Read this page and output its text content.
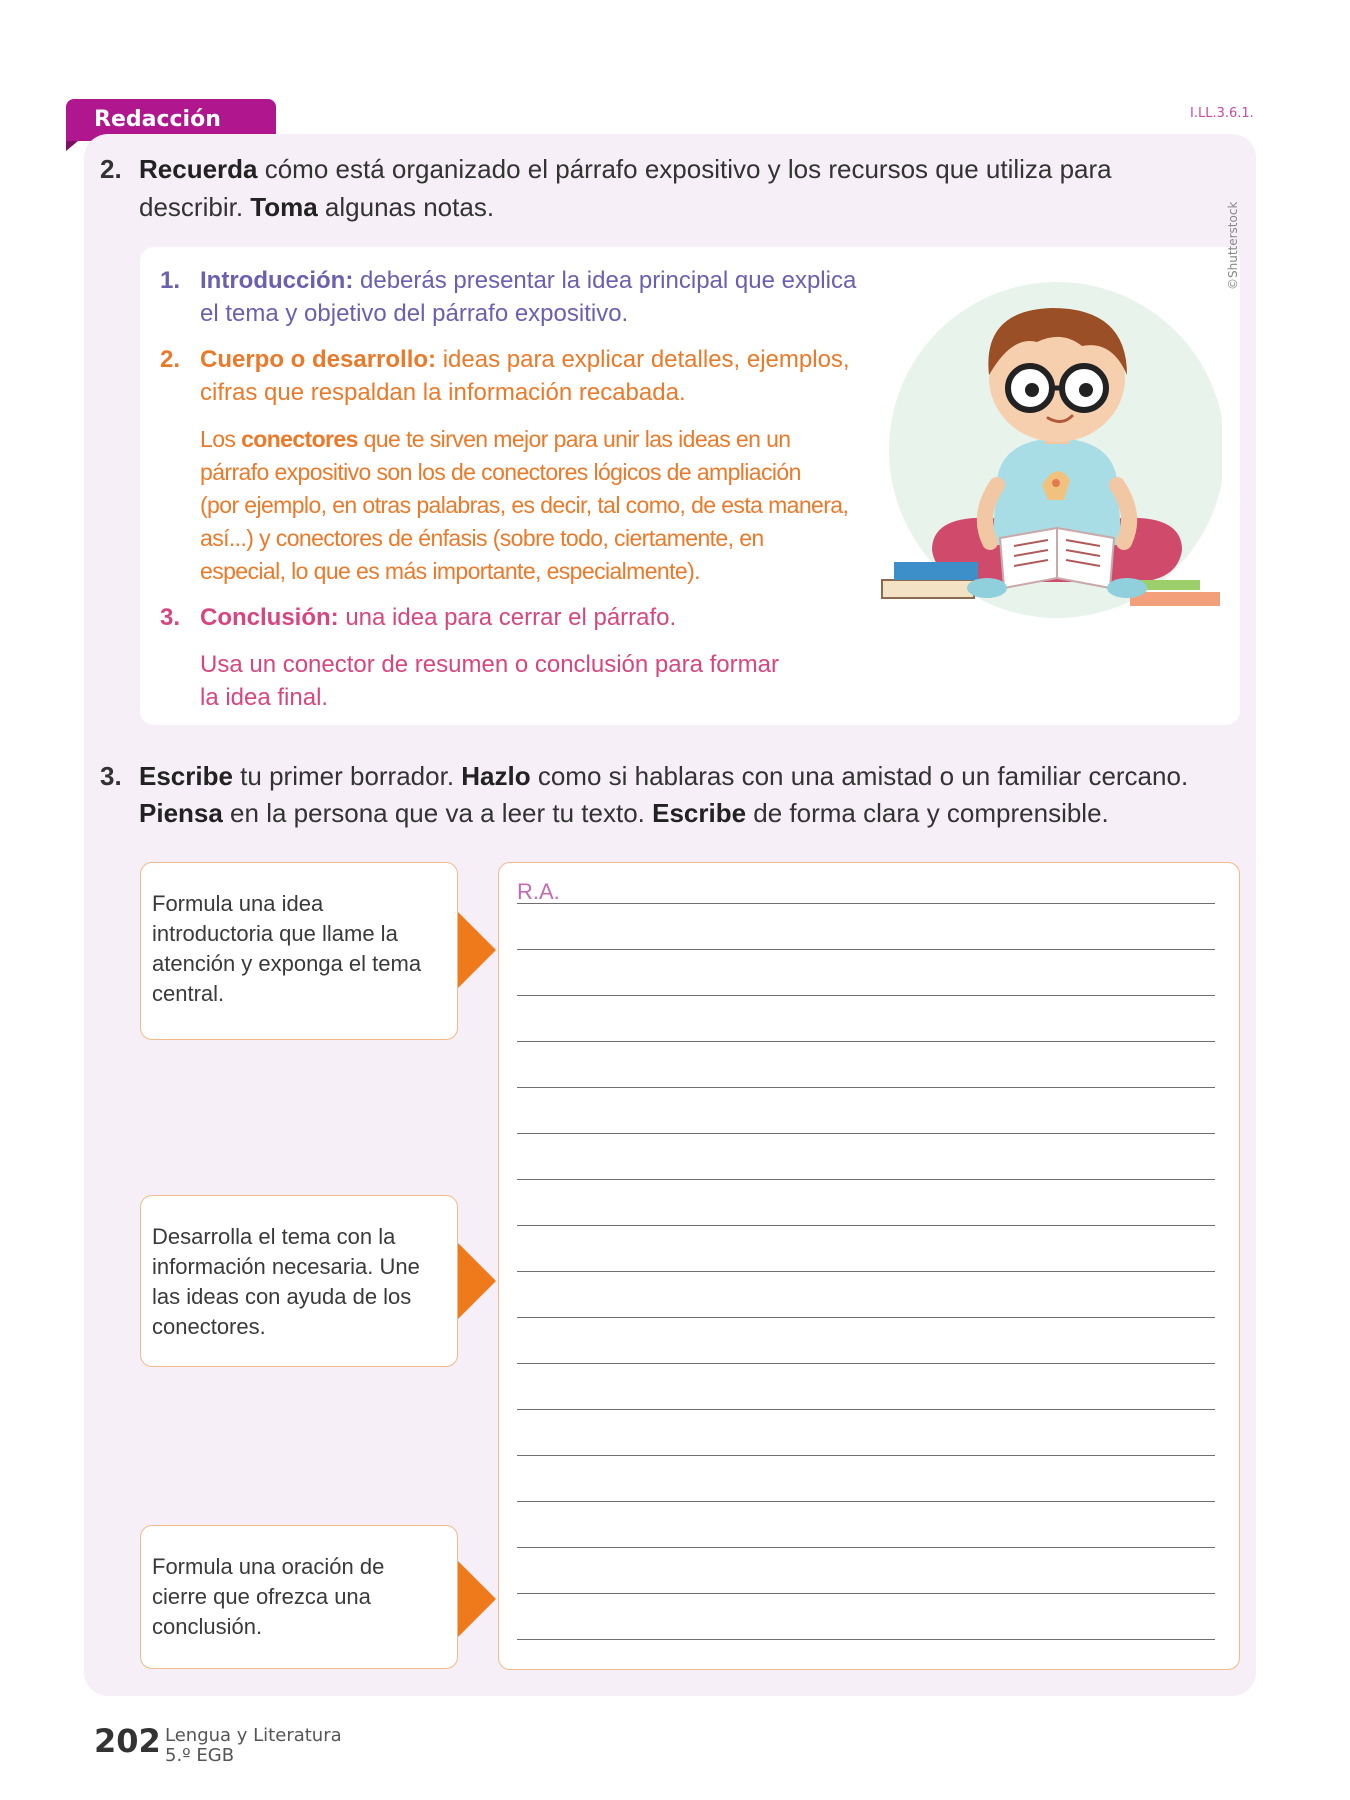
Redacción	I.LL.3.6.1.
2. Recuerda cómo está organizado el párrafo expositivo y los recursos que utiliza para
describir. Toma algunas notas.
1. Introducción: deberás presentar la idea principal que explica
el tema y objetivo del párrafo expositivo.
2. Cuerpo o desarrollo: ideas para explicar detalles, ejemplos,
cifras que respaldan la información recabada.
Los conectores que te sirven mejor para unir las ideas en un
párrafo expositivo son los de conectores lógicos de ampliación
(por ejemplo, en otras palabras, es decir, tal como, de esta manera,
así...) y conectores de énfasis (sobre todo, ciertamente, en
especial, lo que es más importante, especialmente).
3. Conclusión: una idea para cerrar el párrafo.
Usa un conector de resumen o conclusión para formar
la idea final.
©Shutterstock
3. Escribe tu primer borrador. Hazlo como si hablaras con una amistad o un familiar cercano.
Piensa en la persona que va a leer tu texto. Escribe de forma clara y comprensible.
Formula una idea introductoria que llame la atención y exponga el tema central.
Desarrolla el tema con la información necesaria. Une las ideas con ayuda de los conectores.
Formula una oración de cierre que ofrezca una conclusión.
R.A.
202 Lengua y Literatura
5.º EGB
